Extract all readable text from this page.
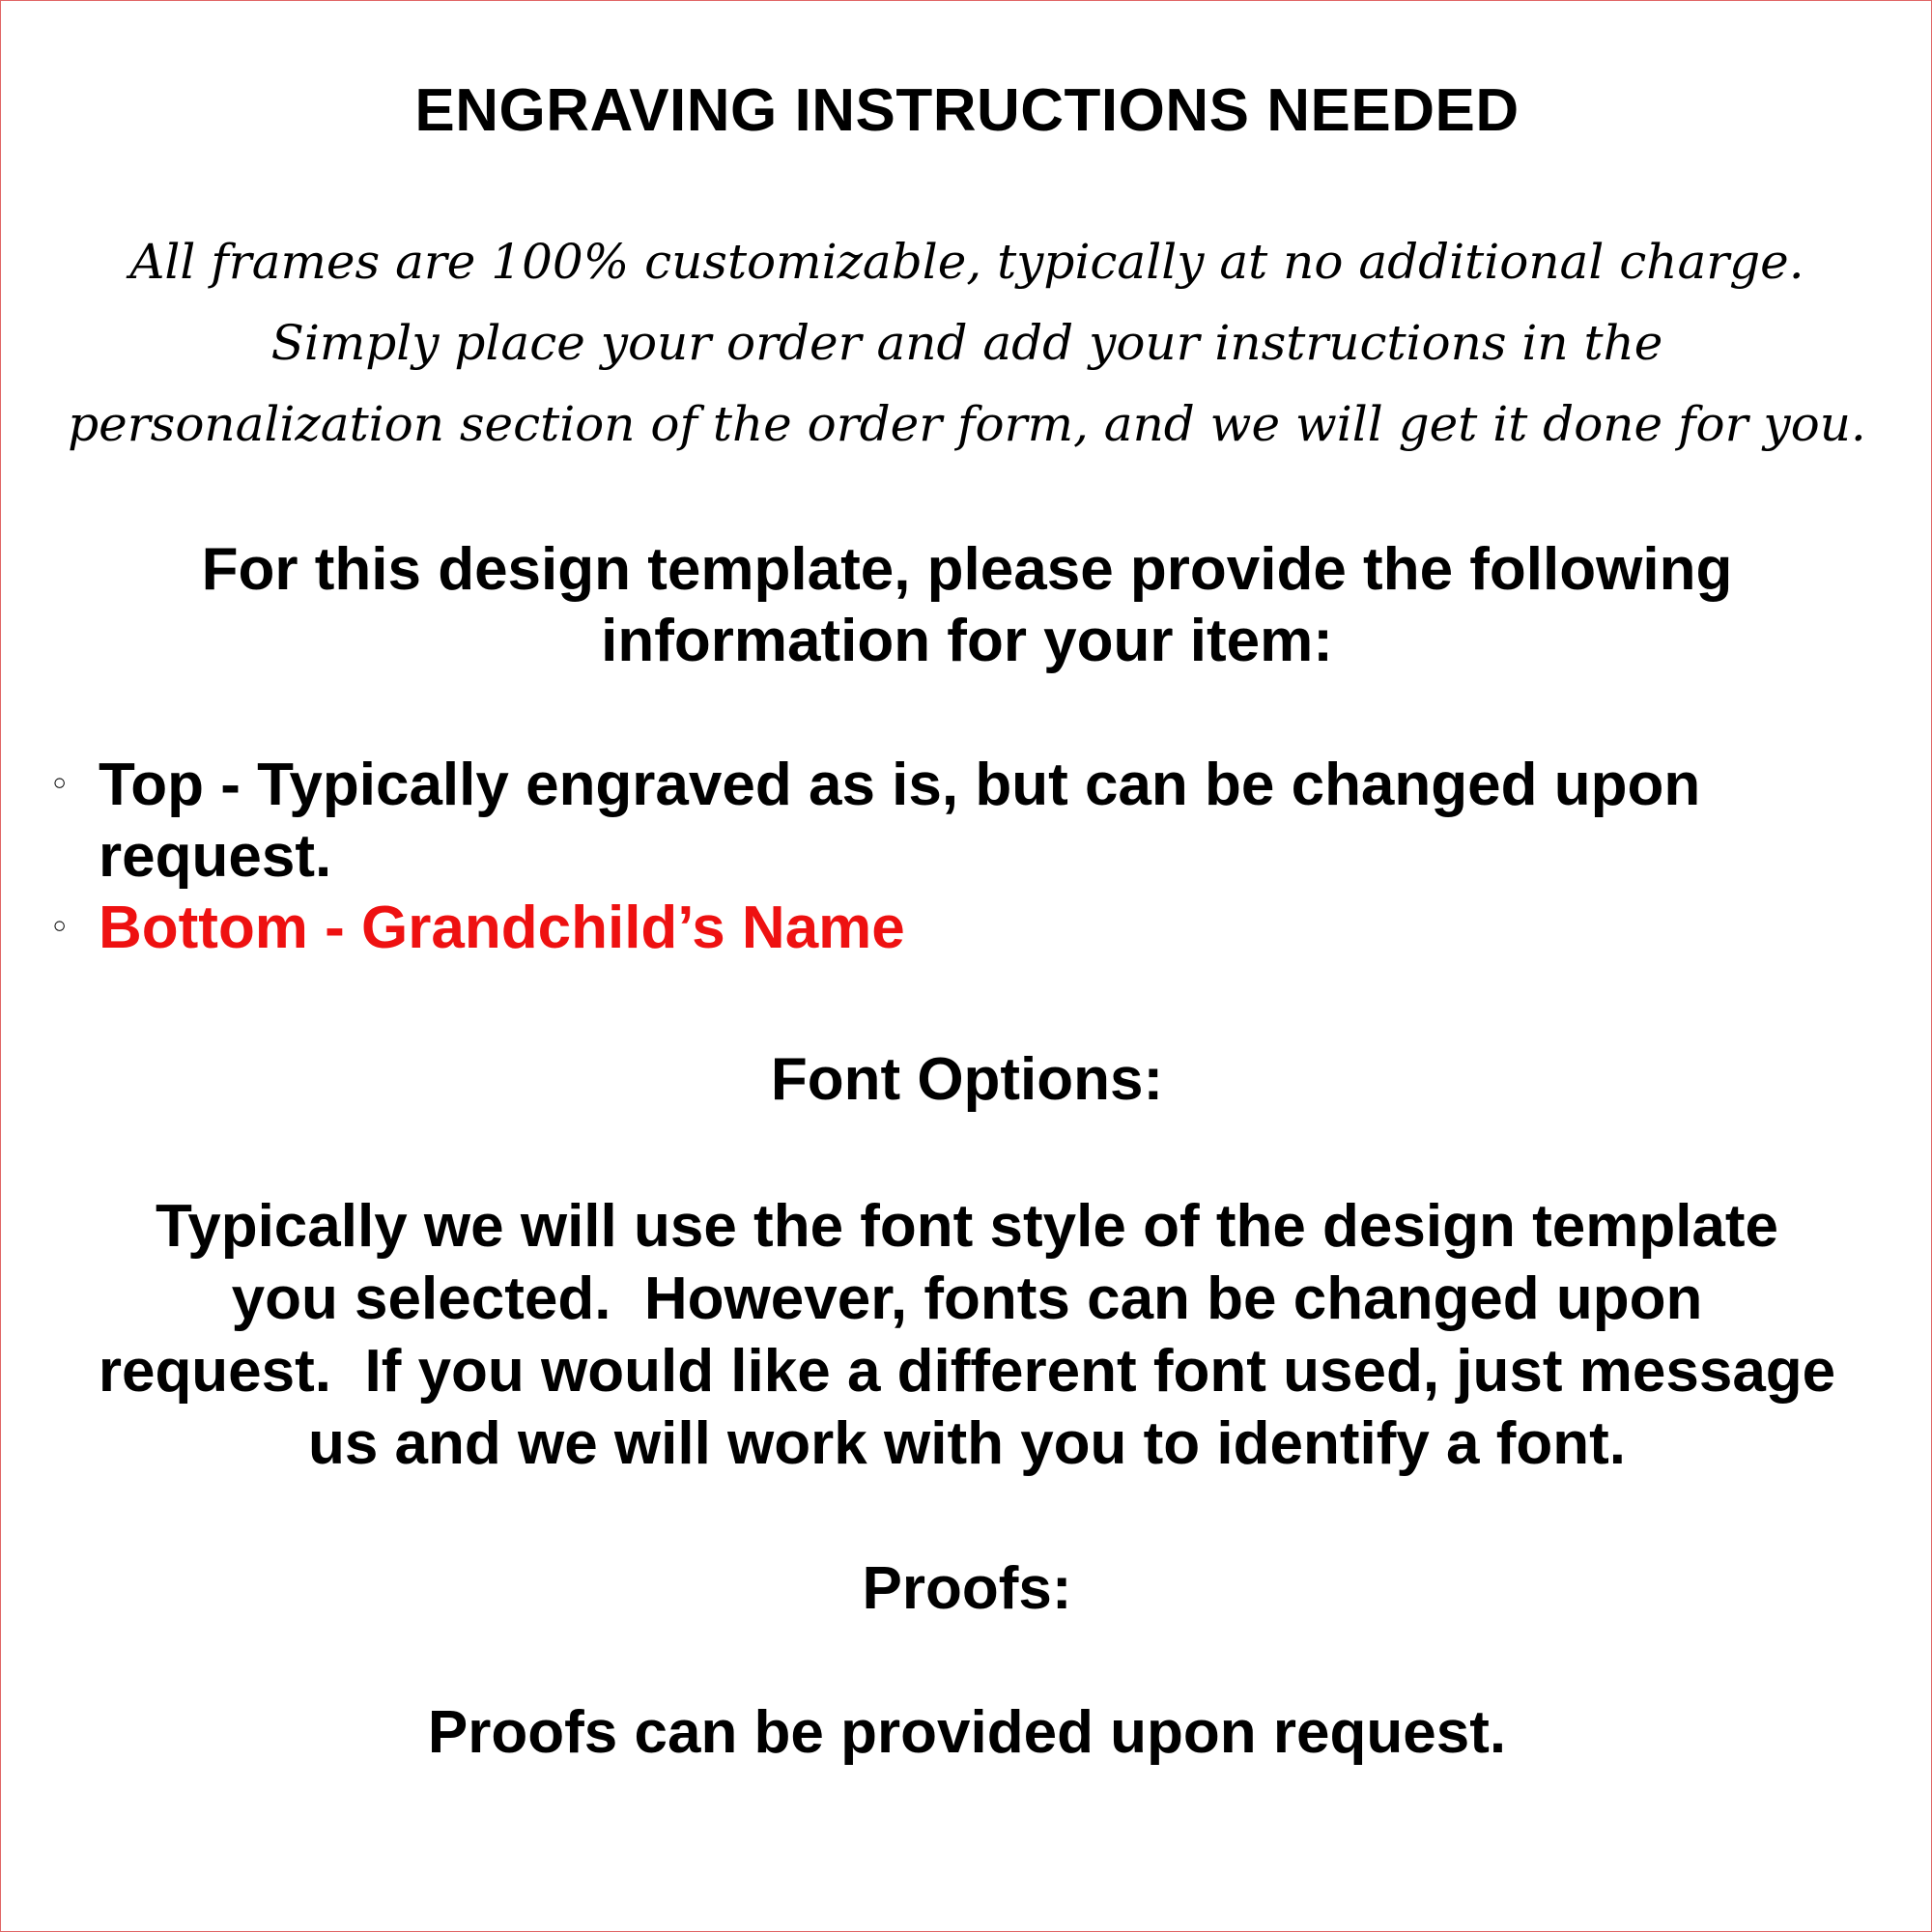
ENGRAVING INSTRUCTIONS NEEDED
All frames are 100% customizable, typically at no additional charge.
Simply place your order and add your instructions in the
personalization section of the order form, and we will get it done for you.
For this design template, please provide the following
information for your item:
◦ Top - Typically engraved as is, but can be changed upon
request.
◦ Bottom - Grandchild’s Name
Font Options:
Typically we will use the font style of the design template
you selected.  However, fonts can be changed upon
request.  If you would like a different font used, just message
us and we will work with you to identify a font.
Proofs:
Proofs can be provided upon request.
